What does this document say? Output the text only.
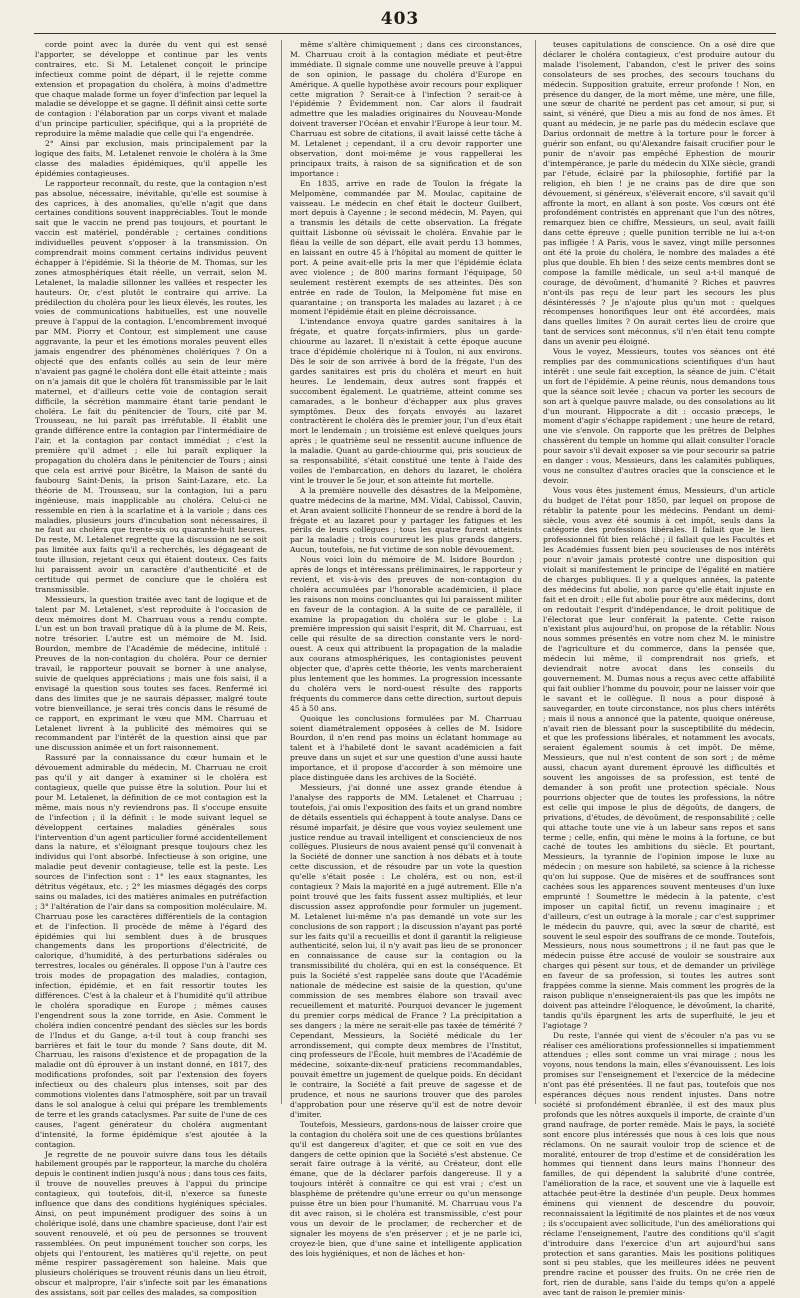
403

corde point avec la durée du vent qui est sensé l'apporter, se développe et continue par les vents contraires, etc. Si M. Letalenet conçoit le principe infectieux comme point de départ, il le rejette comme extension et propagation du choléra, à moins d'admettre que chaque malade forme un foyer d'infection par lequel la maladie se développe et se gagne. Il définit ainsi cette sorte de contagion : l'élaboration par un corps vivant et malade d'un principe particulier, spécifique, qui a la propriété de reproduire la même maladie que celle qui l'a engendrée.

2° Ainsi par exclusion, mais principalement par la logique des faits, M. Letalenet renvoie le choléra à la 3me classe des maladies épidémiques, qu'il appelle les épidémies contagieuses.

Le rapporteur reconnaît, du reste, que la contagion n'est pas absolue, nécessaire, inévitable, qu'elle est soumise à des caprices, à des anomalies, qu'elle n'agit que dans certaines conditions souvent inappréciables. Tout le monde sait que le vaccin ne prend pas toujours, et pourtant le vaccin est matériel, pondérable ; certaines conditions individuelles peuvent s'opposer à la transmission. On comprendrait moins comment certains individus peuvent échapper à l'épidémie. Si la théorie de M. Thomas, sur les zones atmosphériques était réelle, un verrait, selon M. Letalenet, la maladie sillonner les vallées et respecter les hauteurs. Or, c'est plutôt le contraire qui arrive. La prédilection du choléra pour les lieux élevés, les routes, les voies de communications habituelles, est une nouvelle preuve à l'appui de la contagion. L'encombrement invoqué par MM. Piorry et Contour, est simplement une cause aggravante, la peur et les émotions morales peuvent elles jamais engendrer des phénomènes cholériques ? On a objecté que des enfants collés au sein de leur mère n'avaient pas gagné le choléra dont elle était atteinte ; mais on n'a jamais dit que le choléra fût transmissible par le lait maternel, et d'ailleurs cette voie de contagion serait difficile, la sécrétion mammaire étant tarie pendant le choléra. Le fait du pénitencier de Tours, cité par M. Trousseau, ne lui paraît pas irréfutable. Il établit une grande différence entre la contagion par l'intermédiaire de l'air, et la contagion par contact immédiat ; c'est la première qu'il admet ; elle lui paraît expliquer la propagation du choléra dans le pénitencier de Tours ; ainsi que cela est arrivé pour Bicêtre, la Maison de santé du faubourg Saint-Denis, la prison Saint-Lazare, etc. La théorie de M. Trousseau, sur la contagion, lui a paru ingénieuse, mais inapplicable au choléra. Celui-ci ne ressemble en rien à la scarlatine et à la variole ; dans ces maladies, plusieurs jours d'incubation sont nécessaires, il ne faut au choléra que trente-six ou quarante-huit heures. Du reste, M. Letalenet regrette que la discussion ne se soit pas limitée aux faits qu'il a recherchés, les dégageant de toute illusion, rejetant ceux qui étaient douteux. Ces faits lui paraissent avoir un caractère d'authenticité et de certitude qui permet de conclure que le choléra est transmissible.

Messieurs, la question traitée avec tant de logique et de talent par M. Letalenet, s'est reproduite à l'occasion de deux mémoires dont M. Charruau vous a rendu compte. L'un est un bon travail pratique dû à la plume de M. Reis, notre trésorier. L'autre est un mémoire de M. Isid. Bourdon, membre de l'Académie de médecine, intitulé : Preuves de la non-contagion du choléra. Pour ce dernier travail, le rapporteur pouvait se borner à une analyse, suivie de quelques appréciations ; mais une fois saisi, il a envisagé la question sous toutes ses faces. Renfermé ici dans des limites que je ne saurais dépasser, malgré toute votre bienveillance, je serai très concis dans le résumé de ce rapport, en exprimant le vœu que MM. Charruau et Letalenet livrent à la publicité des mémoires qui se recommandent par l'intérêt de la question ainsi que par une discussion animée et un fort raisonnement.

Rassuré par la connaissance du cœur humain et le dévouement admirable du médecin, M. Charruau ne croit pas qu'il y ait danger à examiner si le choléra est contagieux, quelle que puisse être la solution. Pour lui et pour M. Letalenet, la définition de ce mot contagion est la même, mais nous n'y reviendrons pas. Il s'occupe ensuite de l'infection ; il la définit : le mode suivant lequel se développent certaines maladies générales sous l'intervention d'un agent particulier formé accidentellement dans la nature, et s'éloignant presque toujours chez les individus qui l'ont absorbé. Infectieuse à son origine, une maladie peut devenir contagieuse, telle est la peste. Les sources de l'infection sont : 1° les eaux stagnantes, les détritus végétaux, etc. ; 2° les miasmes dégagés des corps sains ou malades, ici des matières animales en putréfaction ; 3° l'altération de l'air dans sa composition moléculaire. M. Charruau pose les caractères différentiels de la contagion et de l'infection. Il procède de même à l'égard des épidémies qui lui semblent dues à de brusques changements dans les proportions d'électricité, de calorique, d'humidité, à des perturbations sidérales ou terrestres, locales ou générales. Il oppose l'un à l'autre ces trois modes de propagation des maladies, contagion, infection, épidémie, et en fait ressortir toutes les différences. C'est à la chaleur et à l'humidité qu'il attribue le choléra sporadique en Europe ; mêmes causes l'engendrent sous la zone torride, en Asie. Comment le choléra indien concentré pendant des siècles sur les bords de l'Indus et du Gange, a-t-il tout à coup franchi ses barrières et fait le tour du monde ? Sans doute, dit M. Charruau, les raisons d'existence et de propagation de la maladie ont dû éprouver à un instant donné, en 1817, des modifications profondes, soit par l'extension des foyers infectieux ou des chaleurs plus intenses, soit par des commotions violentes dans l'atmosphère, soit par un travail dans le sol analogue à celui qui prépare les tremblements de terre et les grands cataclysmes. Par suite de l'une de ces causes, l'agent générateur du choléra augmentant d'intensité, la forme épidémique s'est ajoutée à la contagion.

Je regrette de ne pouvoir suivre dans tous les détails habilement groupés par le rapporteur, la marche du choléra depuis le continent indien jusqu'à nous ; dans tous ces faits, il trouve de nouvelles preuves à l'appui du principe contagieux, qui toutefois, dit-il, n'exerce sa funeste influence que dans des conditions hygiéniques spéciales. Ainsi, on peut impunément prodiguer des soins à un cholérique isolé, dans une chambre spacieuse, dont l'air est souvent renouvelé, et où peu de personnes se trouvent rassemblées. On peut impunément toucher son corps, les objets qui l'entourent, les matières qu'il rejette, on peut même respirer passagèrement son haleine. Mais que plusieurs cholériques se trouvent réunis dans un lieu étroit, obscur et malpropre, l'air s'infecte soit par les émanations des assistans, soit par celles des malades, sa composition

même s'altère chimiquement ; dans ces circonstances, M. Charruau croit à la contagion médiate et peut-être immédiate. Il signale comme une nouvelle preuve à l'appui de son opinion, le passage du choléra d'Europe en Amérique. A quelle hypothèse avoir recours pour expliquer cette migration ? Serait-ce à l'infection ? serait-ce à l'épidémie ? Évidemment non. Car alors il faudrait admettre que les maladies originaires du Nouveau-Monde doivent traverser l'Océan et envahir l'Europe à leur tour. M. Charruau est sobre de citations, il avait laissé cette tâche à M. Letalenet ; cependant, il a cru devoir rapporter une observation, dont moi-même je vous rappellerai les principaux traits, à raison de sa signification et de son importance :

En 1835, arrive en rade de Toulon la frégate la Melpomène, commandée par M. Moulac, capitaine de vaisseau. Le médecin en chef était le docteur Guilbert, mort depuis à Cayenne ; le second médecin, M. Payen, qui a transmis les détails de cette observation. La frégate quittait Lisbonne où sévissait le choléra. Envahie par le fléau la veille de son départ, elle avait perdu 13 hommes, en laissant en outre 45 à l'hôpital au moment de quitter le port. A peine avait-elle pris la mer que l'épidémie éclata avec violence ; de 800 marins formant l'équipage, 50 seulement restèrent exempts de ses atteintes. Dès son entrée en rade de Toulon, la Melpomène fut mise en quarantaine ; on transporta les malades au lazaret ; à ce moment l'épidémie était en pleine décroissance.

L'intendance envoya quatre gardes sanitaires à la frégate, et quatre forçats-infirmiers, plus un garde-chiourme au lazaret. Il n'existait à cette époque aucune trace d'épidémie cholérique ni à Toulon, ni aux environs. Dès le soir de son arrivée à bord de la frégate, l'un des gardes sanitaires est pris du choléra et meurt en huit heures. Le lendemain, deux autres sont frappés et succombent également. Le quatrième, atteint comme ses camarades, a le bonheur d'échapper aux plus graves symptômes. Deux des forçats envoyés au lazaret contractèrent le choléra dès le premier jour, l'un d'eux était mort le lendemain ; un troisième est enlevé quelques jours après ; le quatrième seul ne ressentit aucune influence de la maladie. Quant au garde-chiourme qui, pris soucieux de sa responsabilité, s'était constitué une tente à l'aide des voiles de l'embarcation, en dehors du lazaret, le choléra vint le trouver le 5e jour, et son atteinte fut mortelle.

A la première nouvelle des désastres de la Melpomène, quatre médecins de la marine, MM. Vidal, Cabissol, Cauvin, et Aran avaient sollicité l'honneur de se rendre à bord de la frégate et au lazaret pour y partager les fatigues et les périls de leurs collègues ; tous les quatre furent atteints par la maladie ; trois courureut les plus grands dangers. Aucun, toutefois, ne fut victime de son noble dévouement.

Nous voici loin du mémoire de M. Isidore Bourdon ; après de longs et intéressans préliminaires, le rapporteur y revient, et vis-à-vis des preuves de non-contagion du choléra accumulées par l'honorable académicien, il place les raisons non moins concluantes qui lui paraissent militer en faveur de la contagion. A la suite de ce parallèle, il examine la propagation du choléra sur le globe : La première impression qui saisit l'esprit, dit M. Charruau, est celle qui résulte de sa direction constante vers le nord-ouest. A ceux qui attribuent la propagation de la maladie aux courans atmosphériques, les contagionistes peuvent objecter que, d'après cette théorie, les vents marcheraient plus lentement que les hommes. La progression incessante du choléra vers le nord-ouest résulte des rapports fréquents du commerce dans cette direction, surtout depuis 45 à 50 ans.

Quoique les conclusions formulées par M. Charruau soient diamétralement opposées à celles de M. Isidore Bourdon, il n'en rend pas moins un éclatant hommage au talent et à l'habileté dont le savant académicien a fait preuve dans un sujet et sur une question d'une aussi haute importance, et il propose d'accorder à son mémoire une place distinguée dans les archives de la Société.

Messieurs, j'ai donné une assez grande étendue à l'analyse des rapports de MM. Letalenet et Charruau ; toutefois, j'ai omis l'exposition des faits et un grand nombre de détails essentiels qui échappent à toute analyse. Dans ce résumé imparfait, je désire que vous voyiez seulement une justice rendue au travail intelligent et consciencieux de nos collègues. Plusieurs de nous avaient pensé qu'il convenait à la Société de donner une sanction à nos débats et à toute cette discussion, et de résoudre par un vote la question qu'elle s'était posée : Le choléra, est ou non, est-il contagieux ? Mais la majorité en a jugé autrement. Elle n'a point trouvé que les faits fussent assez multipliés, et leur discussion assez approfondie pour formuler un jugement. M. Letalenet lui-même n'a pas demandé un vote sur les conclusions de son rapport ; la discussion n'ayant pas porté sur les faits qu'il a recueillis et dont il garantit la religieuse authenticité, selon lui, il n'y avait pas lieu de se prononcer en connaissance de cause sur la contagion ou la transmissibilité du choléra, qui en est la conséquence. Et puis la Société s'est rappelée sans doute que l'Académie nationale de médecine est saisie de la question, qu'une commission de ses membres élabore son travail avec recueillement et maturité. Pourquoi devancer le jugement du premier corps médical de France ? La précipitation a ses dangers ; la mère ne serait-elle pas taxée de témérité ? Cependant, Messieurs, la Société médicale du 1er arrondissement, qui compte deux membres de l'Institut, cinq professeurs de l'École, huit membres de l'Académie de médecine, soixante-dix-neuf praticiens recommandables, pouvait émettre un jugement de quelque poids. En décidant le contraire, la Société a fait preuve de sagesse et de prudence, et nous ne saurions trouver que des paroles d'approbation pour une réserve qu'il est de notre devoir d'imiter.

Toutefois, Messieurs, gardons-nous de laisser croire que la contagion du choléra soit une de ces questions brûlantes qu'il est dangereux d'agiter, et que ce soit en vue des dangers de cette opinion que la Société s'est abstenue. Ce serait faire outrage à la vérité, au Créateur, dont elle émane, que de la déclarer parfois dangereuse. Il y a toujours intérêt à connaître ce qui est vrai ; c'est un blasphème de prétendre qu'une erreur ou qu'un mensonge puisse être un bien pour l'humanité. M. Charruau vous l'a dit avec raison, si le choléra est transmissible, c'est pour vous un devoir de le proclamer, de rechercher et de signaler les moyens de s'en préserver ; et je ne parle ici, croyez-le bien, que d'une saine et intelligente application des lois hygiéniques, et non de lâches et hon-

teuses capitulations de conscience. On a osé dire que déclarer le choléra contagieux, c'est produire autour du malade l'isolement, l'abandon, c'est le priver des soins consolateurs de ses proches, des secours touchans du médecin. Supposition gratuite, erreur profonde ! Non, en présence du danger, de la mort même, une mère, une fille, une sœur de charité ne perdent pas cet amour, si pur, si saint, si vénéré, que Dieu a mis au fond de nos âmes. Et quant au médecin, je ne parle pas du médecin esclave que Darius ordonnait de mettre à la torture pour le forcer à guérir son enfant, ou qu'Alexandre faisait crucifier pour le punir de n'avoir pas empêché Ephestion de mourir d'intempérance, je parle du médecin du XIXe siècle, grandi par l'étude, éclairé par la philosophie, fortifié par la religion, eh bien ! je ne crains pas de dire que son dévouement, si généreux, s'élèverait encore, s'il savait qu'il affronte la mort, en allant à son poste. Vos cœurs ont été profondément contristés en apprenant que l'un des nôtres, remarquez bien ce chiffre, Messieurs, un seul, avait failli dans cette épreuve ; quelle punition terrible ne lui a-t-on pas infligée ! A Paris, vous le savez, vingt mille personnes ont été la proie du choléra, le nombre des malades a été plus que double. Eh bien ! des seize cents membres dont se compose la famille médicale, un seul a-t-il manqué de courage, de dévoûment, d'humanité ? Riches et pauvres n'ont-ils pas reçu de leur part les secours les plus désintéressés ? Je n'ajoute plus qu'un mot : quelques récompenses honorifiques leur ont été accordées, mais dans quelles limites ? On aurait certes lieu de croire que tant de services sont méconnus, s'il n'en était tenu compte dans un avenir peu éloigné.

Vous le voyez, Messieurs, toutes vos séances ont été remplies par des communications scientifiques d'un haut intérêt : une seule fait exception, la séance de juin. C'était un fort de l'épidémie. A peine réunis, nous demandons tous que la séance soit levée ; chacun va porter les secours de son art à quelque pauvre malade, ou des consolations au lit d'un mourant. Hippocrate a dit : occasio præceps, le moment d'agir s'échappe rapidement ; une heure de retard, une vie s'envole. On rapporte que les prêtres de Delphes chassèrent du temple un homme qui allait consulter l'oracle pour savoir s'il devait exposer sa vie pour secourir sa patrie en danger : vous, Messieurs, dans les calamités publiques, vous ne consultez d'autres oracles que la conscience et le devoir.

Vous vous êtes justement émus, Messieurs, d'un article du budget de l'état pour 1850, par lequel on propose de rétablir la patente pour les médecins. Pendant un demi-siècle, vous avez été soumis à cet impôt, seuls dans la catégorie des professions libérales. Il fallait que le lien professionnel fût bien relâché ; il fallait que les Facultés et les Académies fussent bien peu soucieuses de nos intérêts pour n'avoir jamais protesté contre une disposition qui violait si manifestement le principe de l'égalité en matière de charges publiques. Il y a quelques années, la patente des médecins fut abolie, non parce qu'elle était injuste en fait et en droit ; elle fut abolie pour être aux médecins, dont on redoutait l'esprit d'indépendance, le droit politique de l'électorat que leur conférait la patente. Cette raison n'existant plus aujourd'hui, on propose de la rétablir. Nous nous sommes présentés en votre nom chez M. le ministre de l'agriculture et du commerce, dans la pensée que, médecin lui même, il comprendrait nos griefs, et deviendrait notre avocat dans les conseils du gouvernement. M. Dumas nous a reçus avec cette affabilité qui fait oublier l'homme du pouvoir, pour ne laisser voir que le savant et le collègue. Il nous a pour disposé à sauvegarder, en toute circonstance, nos plus chers intérêts ; mais il nous a annoncé que la patente, quoique onéreuse, n'avait rien de blessant pour la susceptibilité du médecin, et que les professions libérales, et notamment les avocats, seraient également soumis à cet impôt. De même, Messieurs, que nul n'est content de son sort ; de même aussi, chacun ayant durement éprouvé les difficultés et souvent les angoisses de sa profession, est tenté de demander à son profit une protection spéciale. Nous pourrions objecter que de toutes les professions, la nôtre est celle qui impose le plus de dégoûts, de dangers, de privations, d'études, de dévoûment, de responsabilité ; celle qui attache toute une vie à un labeur sans repos et sans terme ; celle, enfin, qui mène le moins à la fortune, ce but caché de toutes les ambitions du siècle. Et pourtant, Messieurs, la tyrannie de l'opinion impose le luxe au médecin ; on mesure son habileté, sa science à la richesse qu'on lui suppose. Que de misères et de souffrances sont cachées sous les apparences souvent menteuses d'un luxe emprunté ! Soumettre le médecin à la patente, c'est imposer un capital fictif, un revenu imaginaire ; et d'ailleurs, c'est un outrage à la morale ; car c'est supprimer le médecin du pauvre, qui, avec la sœur de charité, est souvent le seul espoir des souffrans de ce monde. Toutefois, Messieurs, nous nous soumettrons ; il ne faut pas que le médecin puisse être accusé de vouloir se soustraire aux charges qui pèsent sur tous, et de demander un privilège en faveur de sa profession, si toutes les autres sont frappées comme la sienne. Mais comment les progrès de la raison publique n'enseigneraient-ils pas que les impôts ne doivent pas atteindre l'éloquence, le dévoûment, la charité, tandis qu'ils épargnent les arts de superfluité, le jeu et l'agiotage ?

Du reste, l'année qui vient de s'écouler n'a pas vu se réaliser ces améliorations professionnelles si impatiemment attendues ; elles sont comme un vrai mirage ; nous les voyons, nous tendons la main, elles s'évanouissent. Les lois promises sur l'enseignement et l'exercice de la médecine n'ont pas été présentées. Il ne faut pas, toutefois que nos espérances déçues nous rendent injustes. Dans notre société si profondément ébranlée, il est des maux plus profonds que les nôtres auxquels il importe, de crainte d'un grand naufrage, de porter remède. Mais le pays, la société sont encore plus intéressés que nous à ces lois que nous réclamons. On ne saurait vouloir trop de science et de moralité, entourer de trop d'estime et de considération les hommes qui tiennent dans leurs mains l'honneur des familles, de qui dépendent la salubrité d'une contrée, l'amélioration de la race, et souvent une vie à laquelle est attachée peut-être la destinée d'un peuple. Deux hommes éminens qui viennent de descendre du pouvoir, reconnaissaient la légitimité de nos plaintes et de nos vœux ; ils s'occupaient avec sollicitude, l'un des améliorations qui réclame l'enseignement, l'autre des conditions qu'il s'agit d'introduire dans l'exercice d'un art aujourd'hui sans protection et sans garanties. Mais les positions politiques sont si peu stables, que les meilleures idées ne peuvent prendre racine et pousser des fruits. On ne crée rien de fort, rien de durable, sans l'aide du temps qu'on a appelé avec tant de raison le premier minis-
